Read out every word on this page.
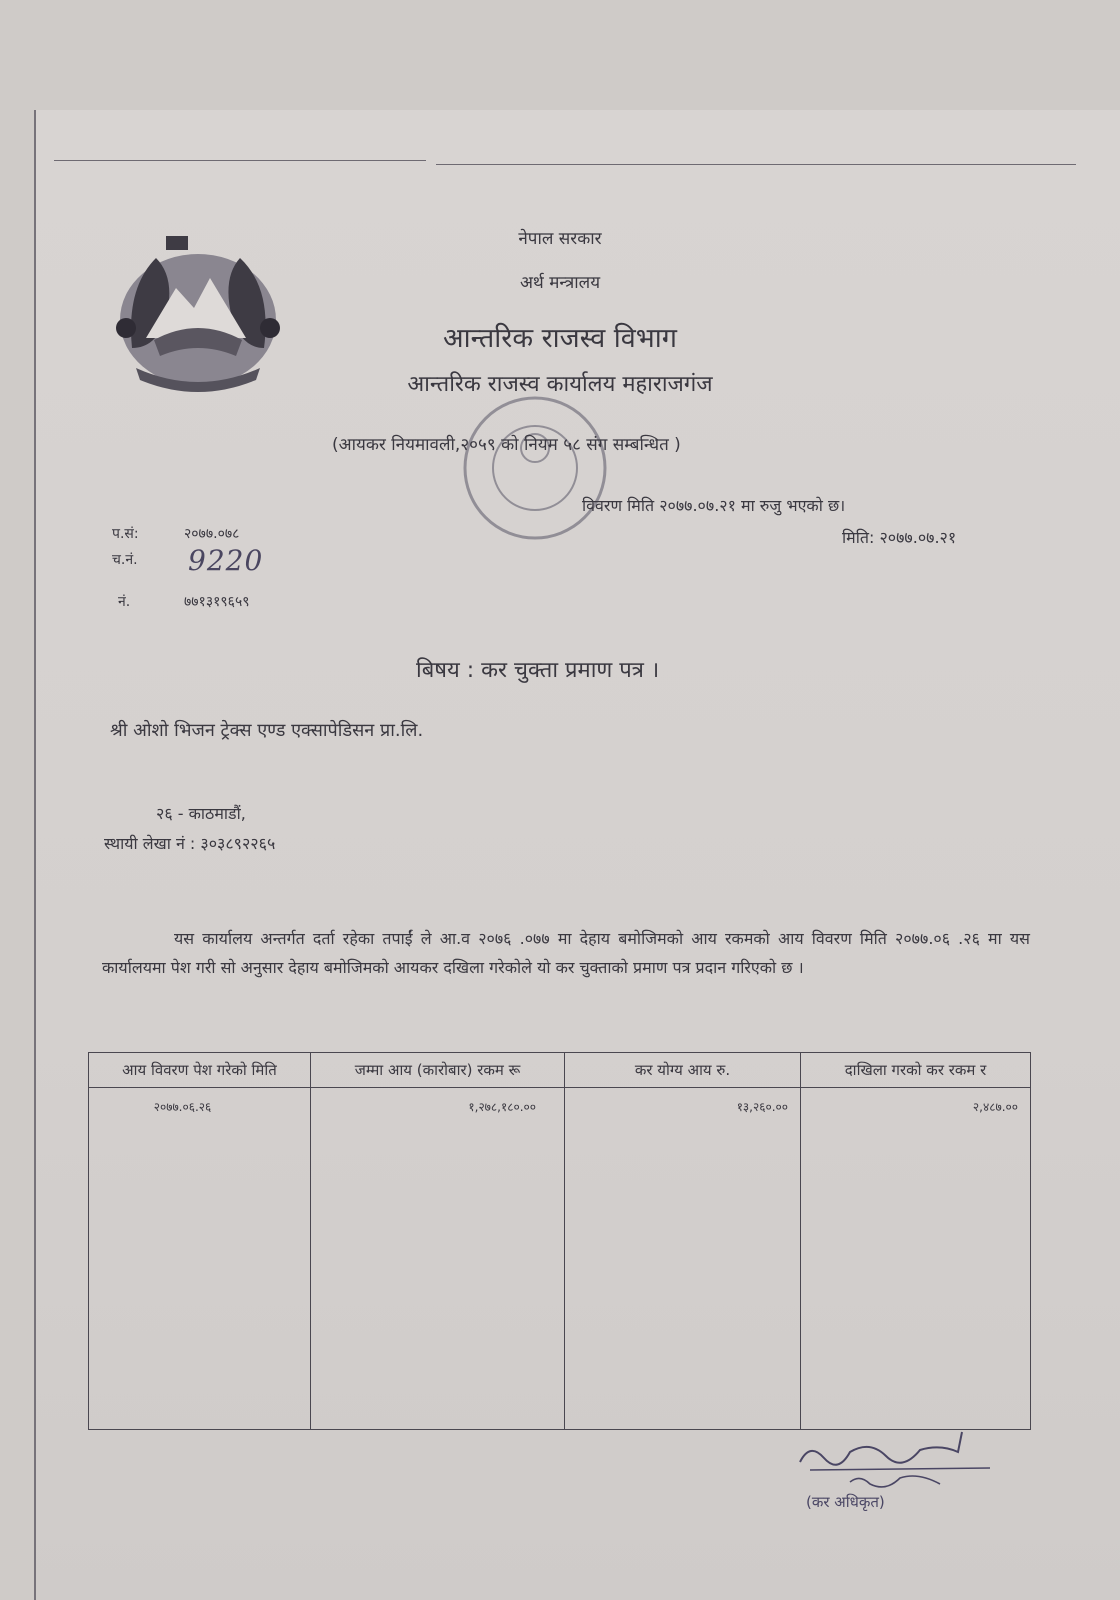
नेपाल सरकार
अर्थ मन्त्रालय
आन्तरिक राजस्व विभाग
आन्तरिक राजस्व कार्यालय महाराजगंज
(आयकर नियमावली,२०५९ को नियम ५८ संग सम्बन्धित )
विवरण मिति २०७७.०७.२१ मा रुजु भएको छ।
मिति: २०७७.०७.२१
प.सं:	२०७७.०७८
च.नं. 9220
नं.	७७१३१९६५९
बिषय : कर चुक्ता प्रमाण पत्र ।
श्री ओशो भिजन ट्रेक्स एण्ड एक्सापेडिसन प्रा.लि.
२६ - काठमाडौं,
स्थायी लेखा नं : ३०३८९२२६५
यस कार्यालय अन्तर्गत दर्ता रहेका तपाईं ले आ.व २०७६ .०७७ मा देहाय बमोजिमको आय रकमको आय विवरण मिति २०७७.०६ .२६ मा यस कार्यालयमा पेश गरी सो अनुसार देहाय बमोजिमको आयकर दखिला गरेकोले यो कर चुक्ताको प्रमाण पत्र प्रदान गरिएको छ ।
आय विवरण पेश गरेको मिति	जम्मा आय (कारोबार) रकम रू	कर योग्य आय रु.	दाखिला गरको कर रकम र
२०७७.०६.२६	१,२७८,१८०.००	१३,२६०.००	२,४८७.००
(कर अधिकृत)
